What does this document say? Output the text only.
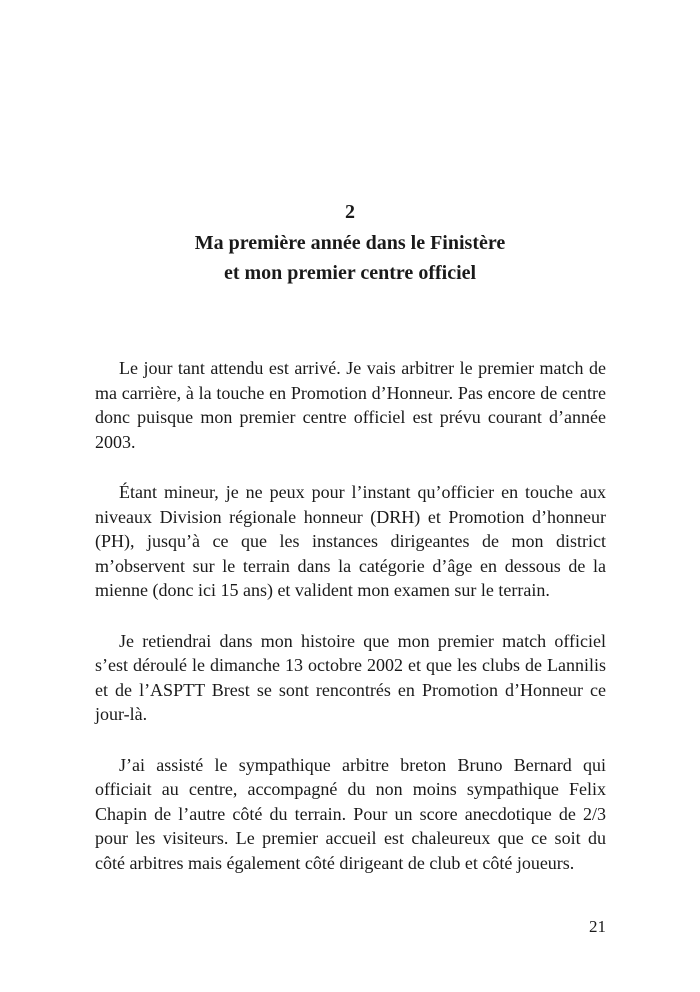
2
Ma première année dans le Finistère
et mon premier centre officiel

Le jour tant attendu est arrivé. Je vais arbitrer le premier match de ma carrière, à la touche en Promotion d’Honneur. Pas encore de centre donc puisque mon premier centre officiel est prévu courant d’année 2003.

Étant mineur, je ne peux pour l’instant qu’officier en touche aux niveaux Division régionale honneur (DRH) et Promotion d’honneur (PH), jusqu’à ce que les instances dirigeantes de mon district m’observent sur le terrain dans la catégorie d’âge en dessous de la mienne (donc ici 15 ans) et valident mon examen sur le terrain.

Je retiendrai dans mon histoire que mon premier match officiel s’est déroulé le dimanche 13 octobre 2002 et que les clubs de Lannilis et de l’ASPTT Brest se sont rencontrés en Promotion d’Honneur ce jour-là.

J’ai assisté le sympathique arbitre breton Bruno Bernard qui officiait au centre, accompagné du non moins sympathique Felix Chapin de l’autre côté du terrain. Pour un score anecdotique de 2/3 pour les visiteurs. Le premier accueil est chaleureux que ce soit du côté arbitres mais également côté dirigeant de club et côté joueurs.

21
